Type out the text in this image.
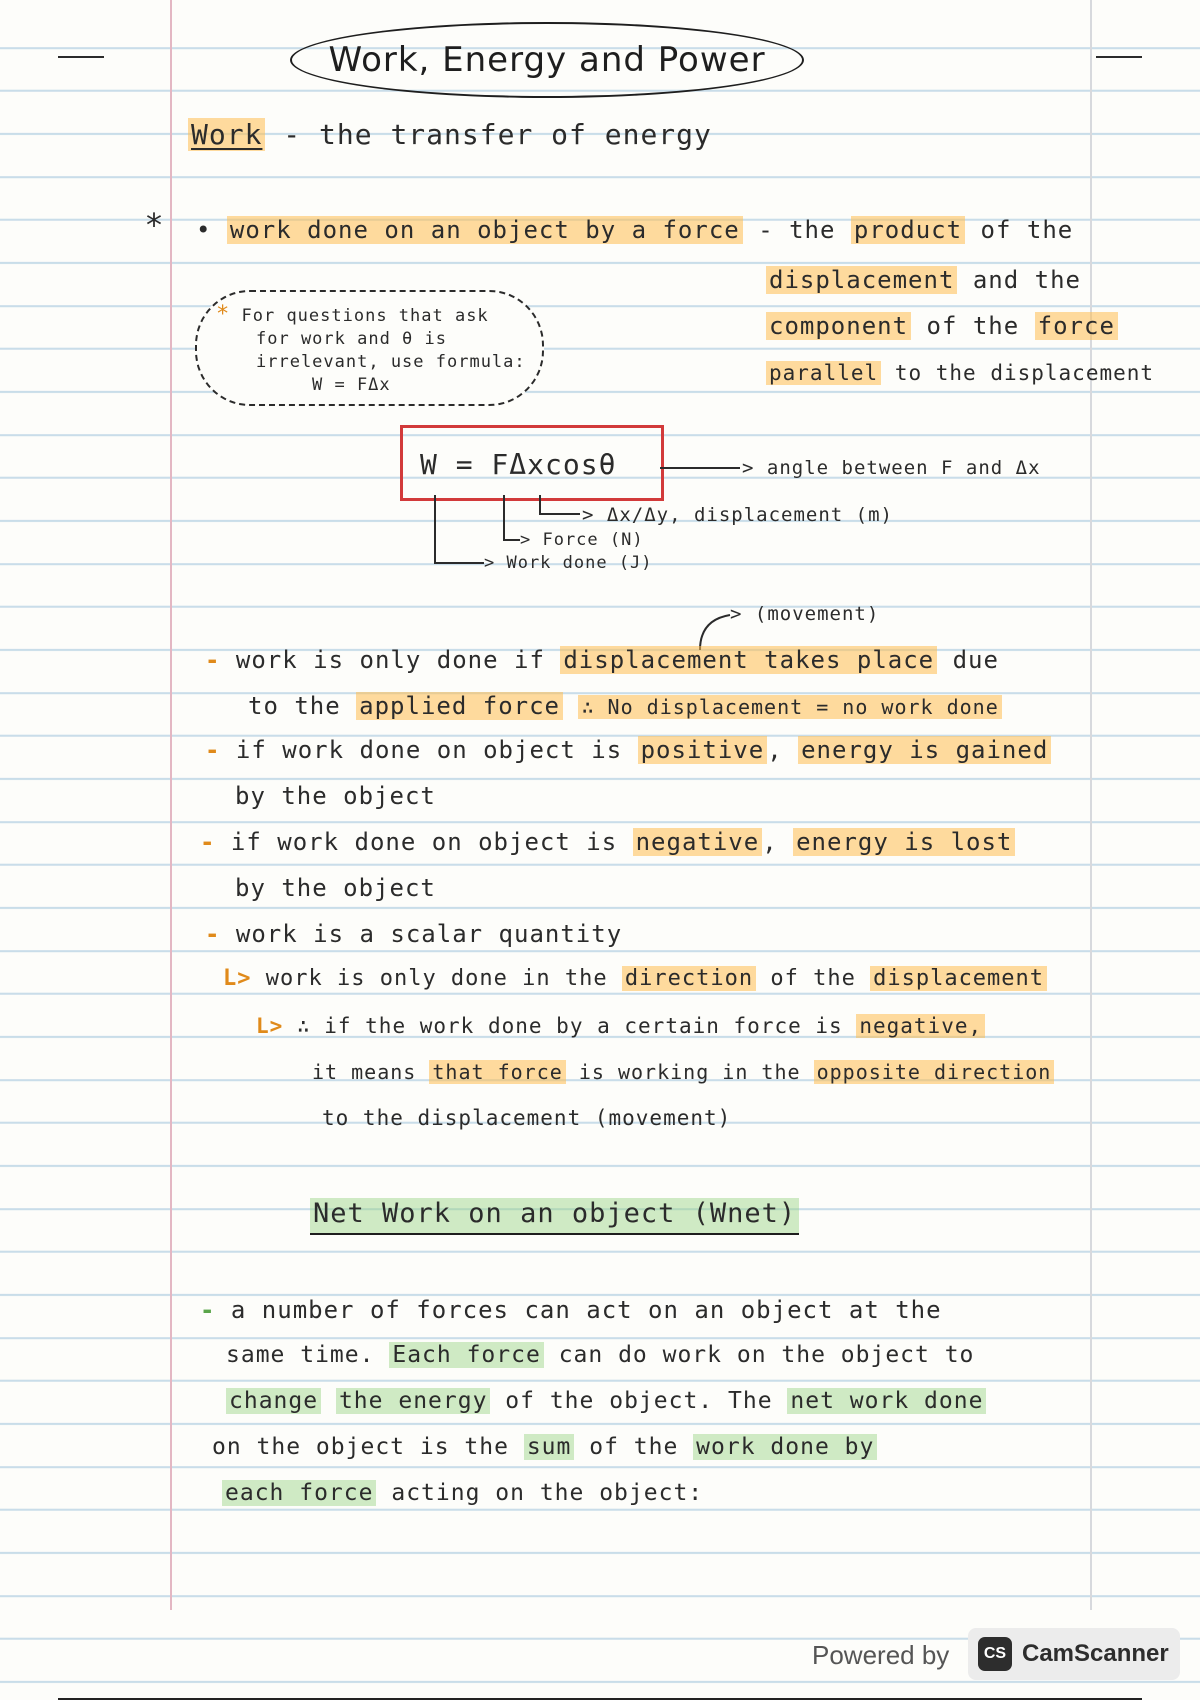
Work, Energy and Power
Work - the transfer of energy
* • work done on an object by a force - the product of the
displacement and the
component of the force
parallel to the displacement
* For questions that ask
for work and θ is
irrelevant, use formula:
W = FΔx
W = FΔxcosθ	> angle between F and Δx
> Δx/Δy, displacement (m)
> Force (N)
> Work done (J)
> (movement)
- work is only done if displacement takes place due
to the applied force ∴ No displacement = no work done
- if work done on object is positive , energy is gained
by the object
- if work done on object is negative , energy is lost
by the object
- work is a scalar quantity
L> work is only done in the direction of the displacement
L> ∴ if the work done by a certain force is negative,
it means that force is working in the opposite direction
to the displacement (movement)
Net Work on an object (Wnet)
- a number of forces can act on an object at the
same time. Each force can do work on the object to
change the energy of the object. The net work done
on the object is the sum of the work done by
each force acting on the object:
Powered by	CS CamScanner
